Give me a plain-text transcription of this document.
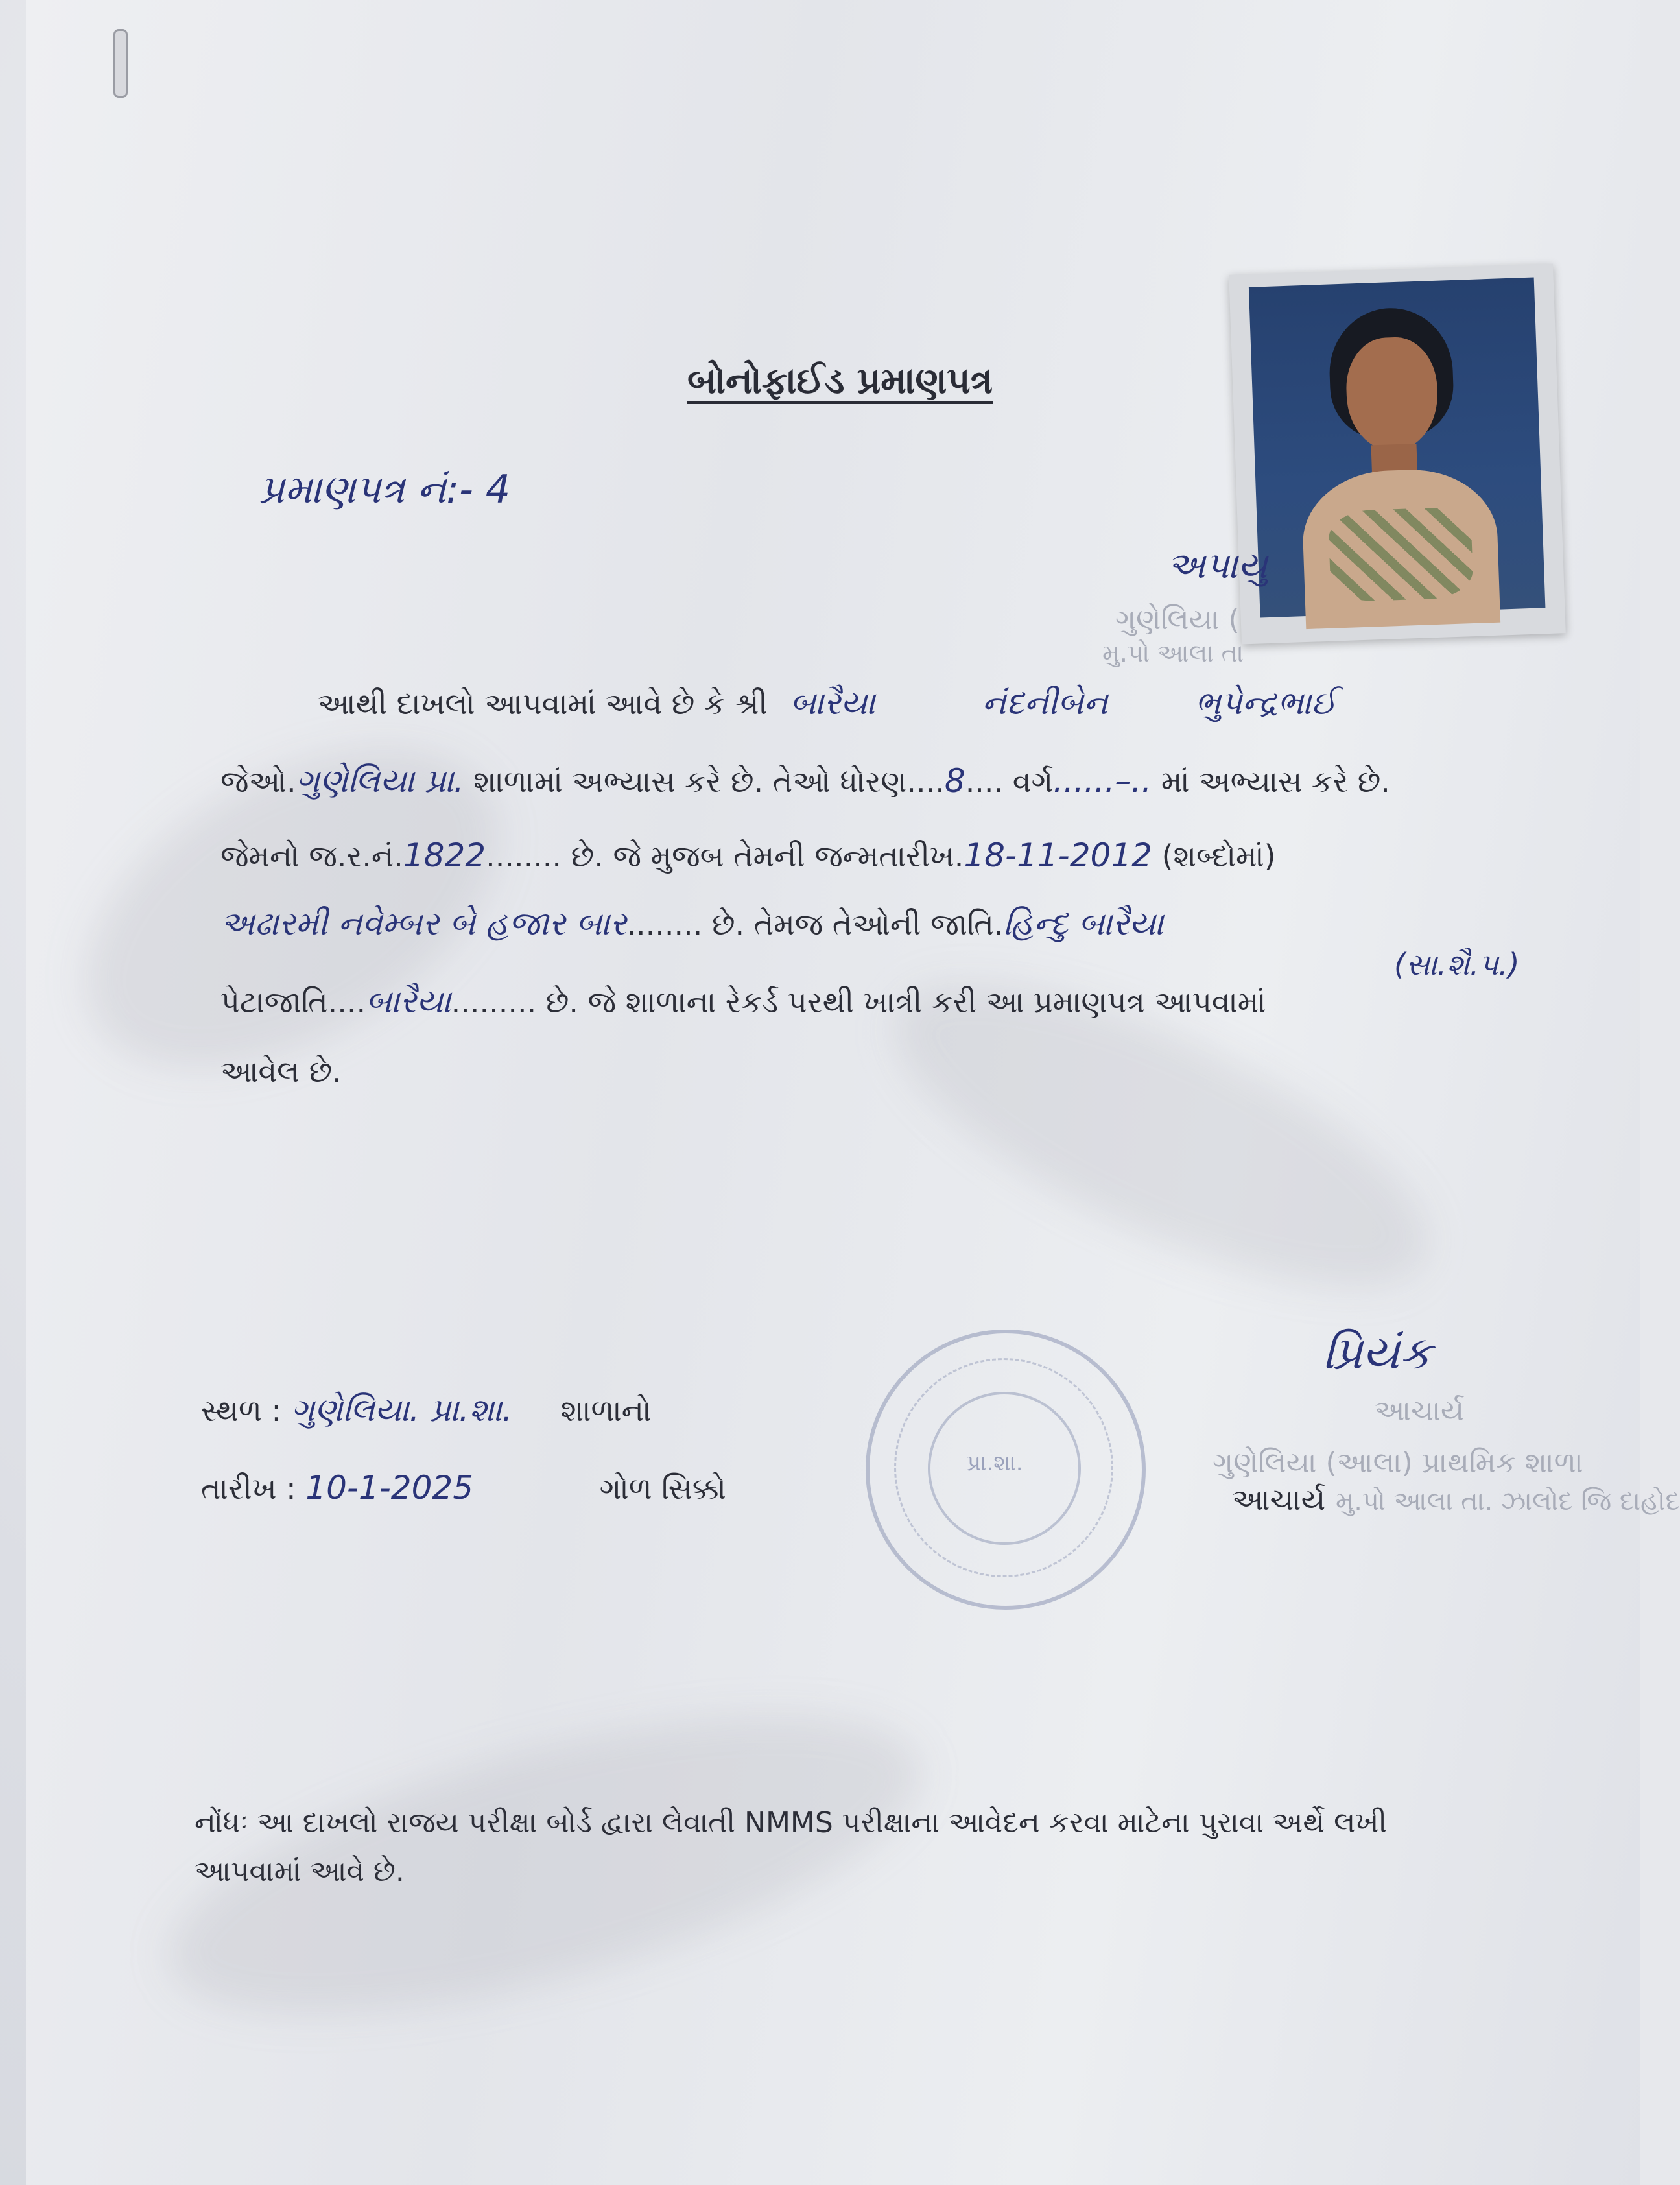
બોનોફાઈડ પ્રમાણપત્ર
પ્રમાણપત્ર નં:- 4
અપાયુ
ગુણેલિયા (
મુ.પો આલા તા
આથી દાખલો આપવામાં આવે છે કે શ્રી બારૈયા	નંદનીબેન	ભુપેન્દ્રભાઈ
જેઓ.ગુણેલિયા પ્રા. શાળામાં અભ્યાસ કરે છે. તેઓ ધોરણ....8.... વર્ગ......–.. માં અભ્યાસ કરે છે.
જેમનો જ.ર.નં.1822........ છે. જે મુજબ તેમની જન્મતારીખ.18-11-2012 (શબ્દોમાં)
અઢારમી નવેમ્બર બે હજાર બાર........ છે. તેમજ તેઓની જાતિ.હિન્દુ બારૈયા
(સા.શૈ.પ.)
પેટાજાતિ....બારૈયા......... છે. જે શાળાના રેકર્ડ પરથી ખાત્રી કરી આ પ્રમાણપત્ર આપવામાં
આવેલ છે.
સ્થળ : ગુણેલિયા. પ્રા.શા. શાળાનો
તારીખ : 10-1-2025	ગોળ સિક્કો
પ્રા.શા.
પ્રિયંક
આચાર્ય
ગુણેલિયા (આલા) પ્રાથમિક શાળા
આચાર્ય મુ.પો આલા તા. ઝાલોદ જિ દાહોદ
નોંધઃ આ દાખલો રાજય પરીક્ષા બોર્ડ દ્વારા લેવાતી NMMS પરીક્ષાના આવેદન કરવા માટેના પુરાવા અર્થે લખી
આપવામાં આવે છે.
